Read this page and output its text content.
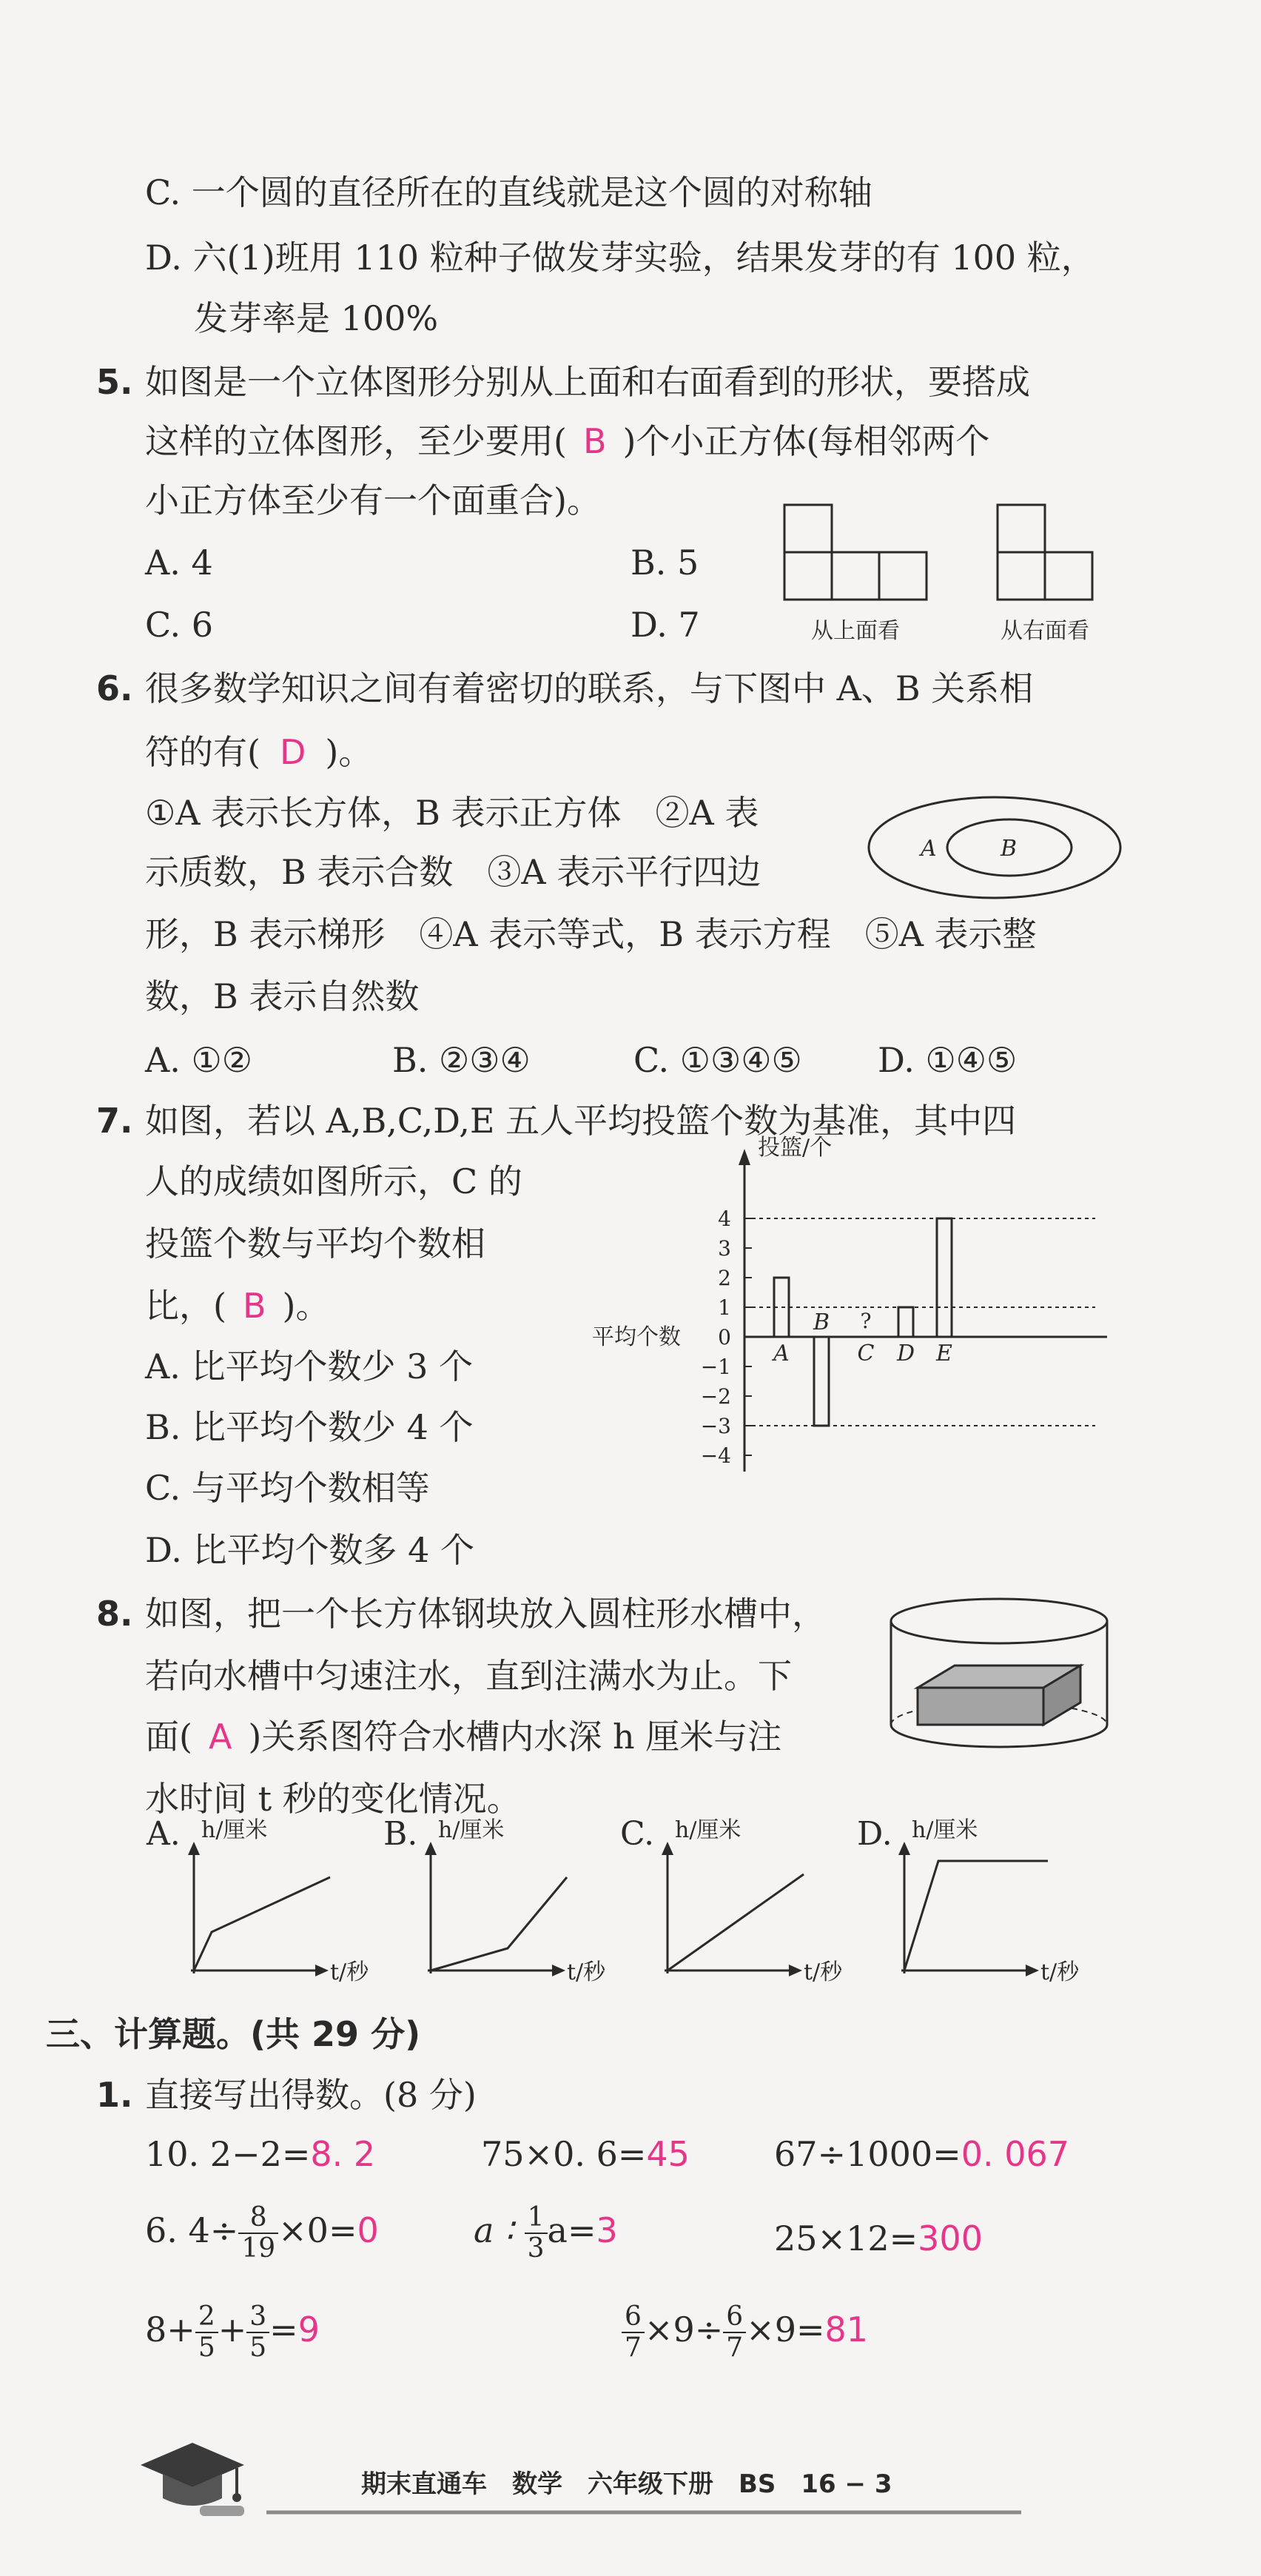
C. 一个圆的直径所在的直线就是这个圆的对称轴
D. 六(1)班用 110 粒种子做发芽实验，结果发芽的有 100 粒，
发芽率是 100%
5. 如图是一个立体图形分别从上面和右面看到的形状，要搭成
这样的立体图形，至少要用( B )个小正方体(每相邻两个
小正方体至少有一个面重合)。
A. 4	B. 5
C. 6	D. 7	从上面看	从右面看
6. 很多数学知识之间有着密切的联系，与下图中 A、B 关系相
符的有( D )。
①A 表示长方体，B 表示正方体　②A 表
示质数，B 表示合数　③A 表示平行四边
形，B 表示梯形　④A 表示等式，B 表示方程　⑤A 表示整
数，B 表示自然数
A. ①②	B. ②③④	C. ①③④⑤ D. ①④⑤
A	B
7. 如图，若以 A,B,C,D,E 五人平均投篮个数为基准，其中四
人的成绩如图所示，C 的
投篮个数与平均个数相
比，( B )。
A. 比平均个数少 3 个
B. 比平均个数少 4 个
C. 与平均个数相等
D. 比平均个数多 4 个
投篮/个
平均个数
4
3
2
1
0
−1
−2
−3
−4
A
B ?
C D E
8. 如图，把一个长方体钢块放入圆柱形水槽中，
若向水槽中匀速注水，直到注满水为止。下
面( A )关系图符合水槽内水深 h 厘米与注
水时间 t 秒的变化情况。
A. h/厘米
t/秒
B. h/厘米
t/秒
C. h/厘米
t/秒
D. h/厘米
t/秒
三、计算题。(共 29 分)
1. 直接写出得数。(8 分)
10. 2−2=8. 2	75×0. 6=45 67÷1000=0. 067
6. $4\div \frac{8}{19} \times 0=0$	a ∶ $\frac{1}{3} a=3$	25×12=300
$8+ \frac{2}{5} + \frac{3}{5} =9$	$\frac{6}{7} \times 9\div \frac{6}{7} \times 9=81$
期末直通车　数学　六年级下册　BS　16 − 3
